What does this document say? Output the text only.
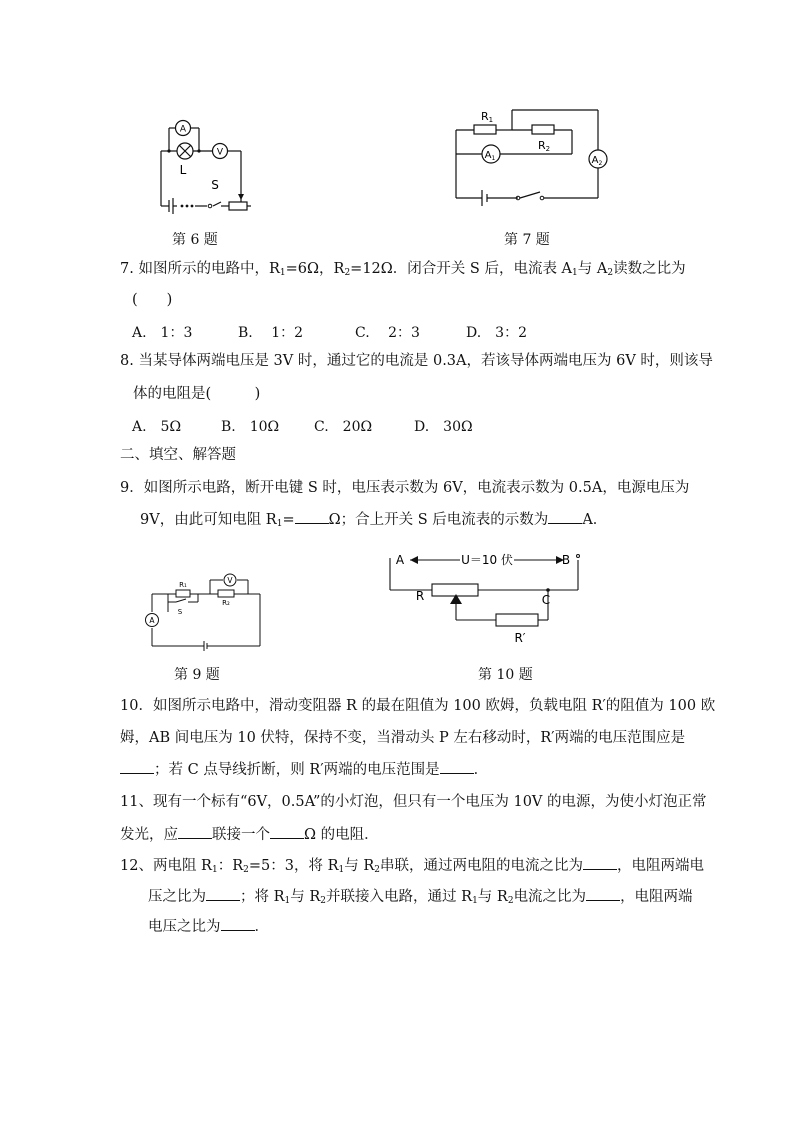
A
V
L
S
第 6 题
$A_1$	$A_2$
R1
R2
第 7 题
7. 如图所示的电路中，$R_1=6\Omega$，$R_2=12\Omega$．闭合开关 S 后，电流表 $A_1$与 $A_2$读数之比为
(　　)
A.　1：3	B.　 1：2	C.　 2：3	D.　3：2
8. 当某导体两端电压是 3V 时，通过它的电流是 0.3A，若该导体两端电压为 6V 时，则该导
体的电阻是(　　　)
A.　5Ω	B.　10Ω C.　20Ω	D.　30Ω
二、填空、解答题
9．如图所示电路，断开电键 S 时，电压表示数为 6V，电流表示数为 0.5A，电源电压为
9V，由此可知电阻 $R_1= \Omega$；合上开关 S 后电流表的示数为 A．
A
V
R₁
R₂
S
第 9 题
A	B
U＝10 伏
R	C
R′
第 10 题
10．如图所示电路中，滑动变阻器 R 的最在阻值为 100 欧姆，负载电阻 R′的阻值为 100 欧
姆，AB 间电压为 10 伏特，保持不变，当滑动头 P 左右移动时，R′两端的电压范围应是
；若 C 点导线折断，则 R′两端的电压范围是 ．
11、现有一个标有“6V，0.5A”的小灯泡，但只有一个电压为 10V 的电源，为使小灯泡正常
发光，应 联接一个 Ω 的电阻．
12、两电阻 $R_1$：$R_2=5$：3，将 $R_1$与 $R_2$串联，通过两电阻的电流之比为 ，电阻两端电
压之比为 ；将 $R_1$与 $R_2$并联接入电路，通过 $R_1$与 $R_2$电流之比为 ，电阻两端
电压之比为 ．
